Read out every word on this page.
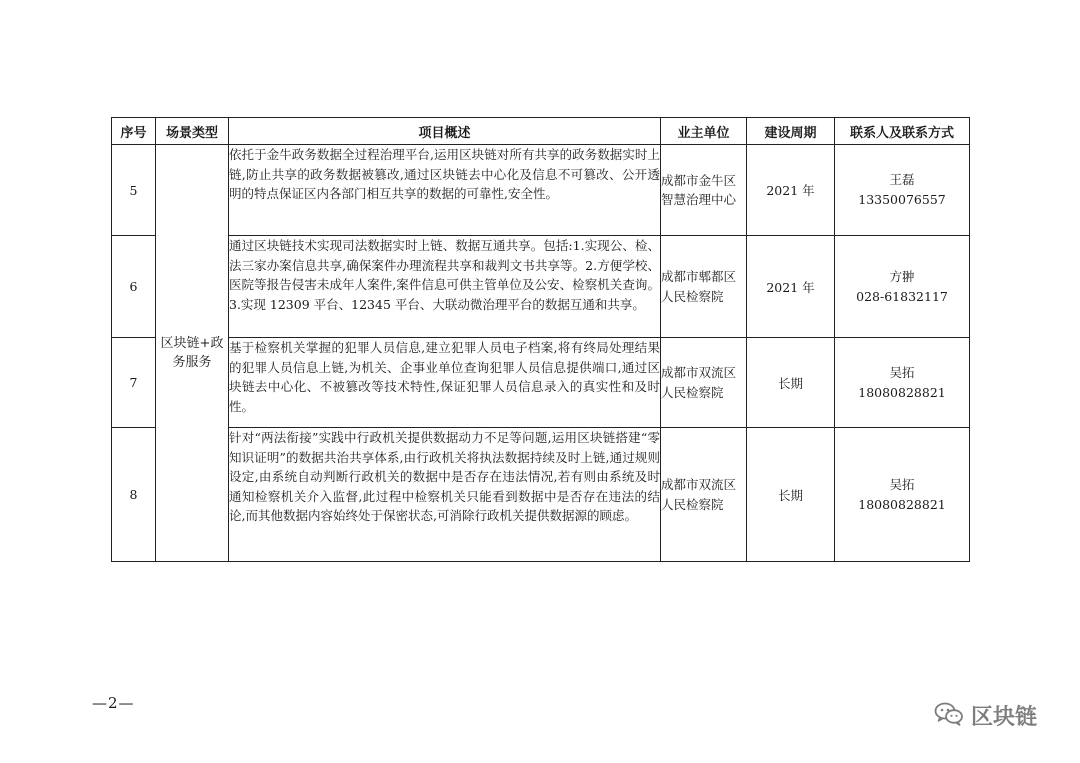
序号	场景类型	项目概述	业主单位	建设周期	联系人及联系方式
5	区块链+政务服务	依托于金牛政务数据全过程治理平台,运用区块链对所有共享的政务数据实时上链,防止共享的政务数据被篡改,通过区块链去中心化及信息不可篡改、公开透明的特点保证区内各部门相互共享的数据的可靠性,安全性。	成都市金牛区智慧治理中心	2021 年	王磊
13350076557

6		通过区块链技术实现司法数据实时上链、数据互通共享。包括:1.实现公、检、法三家办案信息共享,确保案件办理流程共享和裁判文书共享等。2.方便学校、医院等报告侵害未成年人案件,案件信息可供主管单位及公安、检察机关查询。3.实现 12309 平台、12345 平台、大联动微治理平台的数据互通和共享。	成都市郫都区人民检察院	2021 年	方翀
028-61832117

7		基于检察机关掌握的犯罪人员信息,建立犯罪人员电子档案,将有终局处理结果的犯罪人员信息上链,为机关、企事业单位查询犯罪人员信息提供端口,通过区块链去中心化、不被篡改等技术特性,保证犯罪人员信息录入的真实性和及时性。	成都市双流区人民检察院	长期	吴拓
18080828821

8		针对“两法衔接”实践中行政机关提供数据动力不足等问题,运用区块链搭建“零知识证明”的数据共治共享体系,由行政机关将执法数据持续及时上链,通过规则设定,由系统自动判断行政机关的数据中是否存在违法情况,若有则由系统及时通知检察机关介入监督,此过程中检察机关只能看到数据中是否存在违法的结论,而其他数据内容始终处于保密状态,可消除行政机关提供数据源的顾虑。	成都市双流区人民检察院	长期	吴拓
18080828821
—2—
区块链
